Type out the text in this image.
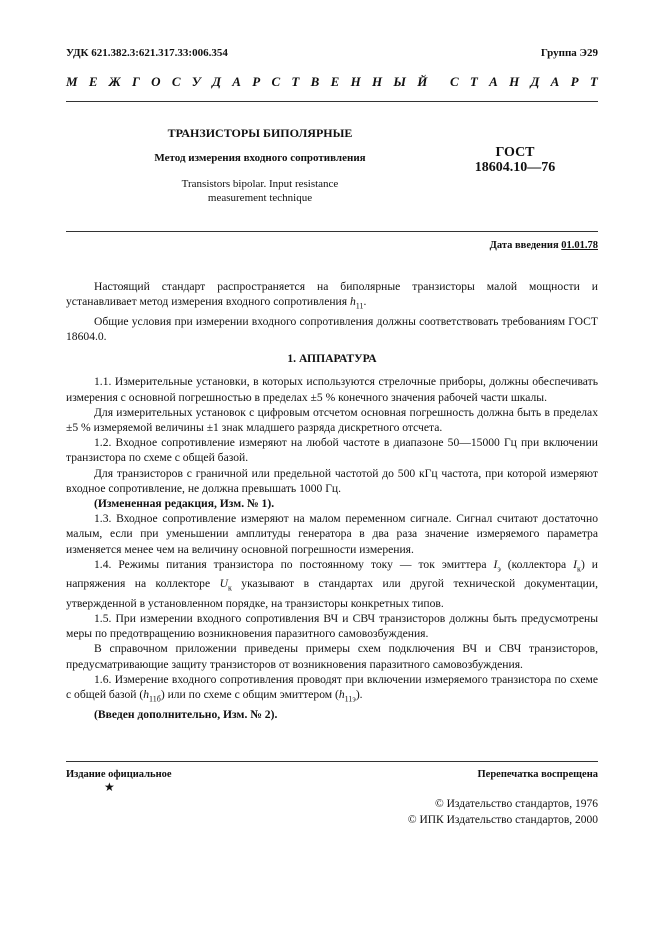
УДК 621.382.3:621.317.33:006.354	Группа Э29
М Е Ж Г О С У Д А Р С Т В Е Н Н Ы Й С Т А Н Д А Р Т
ТРАНЗИСТОРЫ БИПОЛЯРНЫЕ
Метод измерения входного сопротивления
Transistors bipolar. Input resistance
measurement technique
ГОСТ
18604.10—76
Дата введения 01.01.78

Настоящий стандарт распространяется на биполярные транзисторы малой мощности и устанавливает метод измерения входного сопротивления $h_{11}$.

Общие условия при измерении входного сопротивления должны соответствовать требованиям ГОСТ 18604.0.

1. АППАРАТУРА

1.1. Измерительные установки, в которых используются стрелочные приборы, должны обеспечивать измерения с основной погрешностью в пределах ±5 % конечного значения рабочей части шкалы.

Для измерительных установок с цифровым отсчетом основная погрешность должна быть в пределах ±5 % измеряемой величины ±1 знак младшего разряда дискретного отсчета.

1.2. Входное сопротивление измеряют на любой частоте в диапазоне 50—15000 Гц при включении транзистора по схеме с общей базой.

Для транзисторов с граничной или предельной частотой до 500 кГц частота, при которой измеряют входное сопротивление, не должна превышать 1000 Гц.

(Измененная редакция, Изм. № 1).

1.3. Входное сопротивление измеряют на малом переменном сигнале. Сигнал считают достаточно малым, если при уменьшении амплитуды генератора в два раза значение измеряемого параметра изменяется менее чем на величину основной погрешности измерения.

1.4. Режимы питания транзистора по постоянному току — ток эмиттера $I_э$ (коллектора $I_к$) и напряжения на коллекторе $U_к$ указывают в стандартах или другой технической документации, утвержденной в установленном порядке, на транзисторы конкретных типов.

1.5. При измерении входного сопротивления ВЧ и СВЧ транзисторов должны быть предусмотрены меры по предотвращению возникновения паразитного самовозбуждения.

В справочном приложении приведены примеры схем подключения ВЧ и СВЧ транзисторов, предусматривающие защиту транзисторов от возникновения паразитного самовозбуждения.

1.6. Измерение входного сопротивления проводят при включении измеряемого транзистора по схеме с общей базой $(h_{11б})$ или по схеме с общим эмиттером $(h_{11э})$.

(Введен дополнительно, Изм. № 2).

Издание официальное
★
Перепечатка воспрещена
© Издательство стандартов, 1976
© ИПК Издательство стандартов, 2000
